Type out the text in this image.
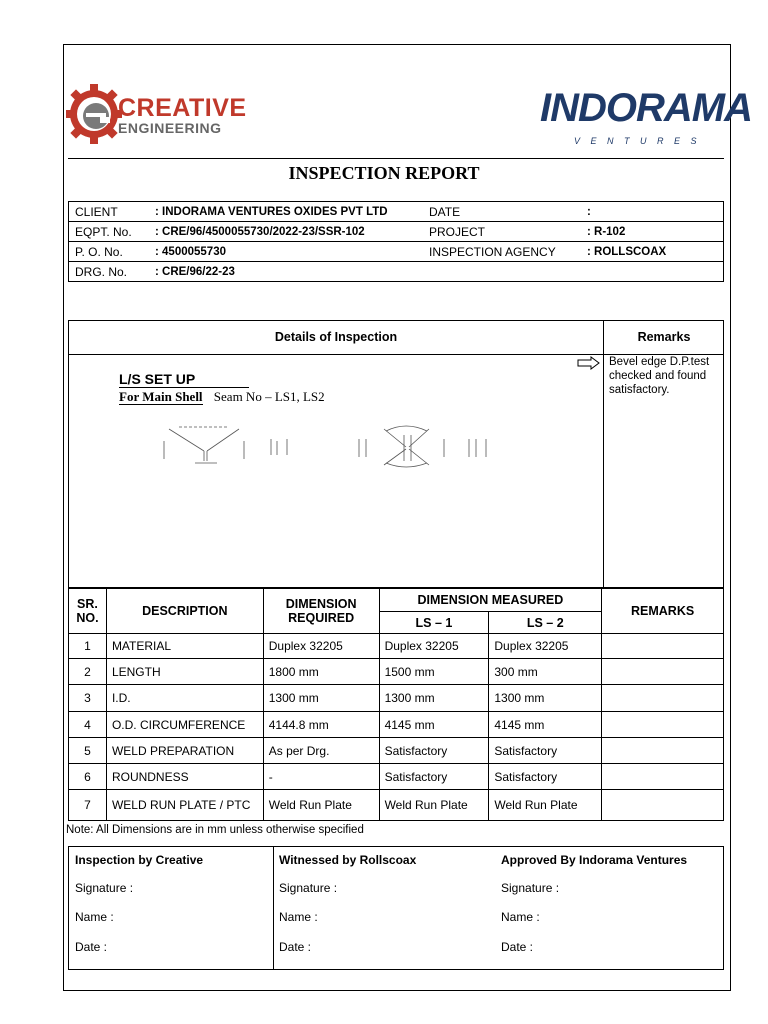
CREATIVE
ENGINEERING	INDORAMA
V E N T U R E S
INSPECTION REPORT
CLIENT	: INDORAMA VENTURES OXIDES PVT LTD	DATE	:
EQPT. No.	: CRE/96/4500055730/2022-23/SSR-102	PROJECT	: R-102
P. O. No.	: 4500055730	INSPECTION AGENCY	: ROLLSCOAX
DRG. No.	: CRE/96/22-23		
Details of Inspection	Remarks
L/S SET UP
For Main Shell Seam No – LS1, LS2
Bevel edge D.P.test checked and found satisfactory.
SR. NO.	DESCRIPTION	DIMENSION REQUIRED	DIMENSION MEASURED		REMARKS
			LS – 1	LS – 2	
1	MATERIAL	Duplex 32205	Duplex 32205	Duplex 32205	
2	LENGTH	1800 mm	1500 mm	300 mm	
3	I.D.	1300 mm	1300 mm	1300 mm	
4	O.D. CIRCUMFERENCE	4144.8 mm	4145 mm	4145 mm	
5	WELD PREPARATION	As per Drg.	Satisfactory	Satisfactory	
6	ROUNDNESS	-	Satisfactory	Satisfactory	
7	WELD RUN PLATE / PTC	Weld Run Plate	Weld Run Plate	Weld Run Plate	
Note: All Dimensions are in mm unless otherwise specified
Inspection by Creative
Signature :
Name :
Date :
Witnessed by Rollscoax
Signature :
Name :
Date :
Approved By Indorama Ventures
Signature :
Name :
Date :
